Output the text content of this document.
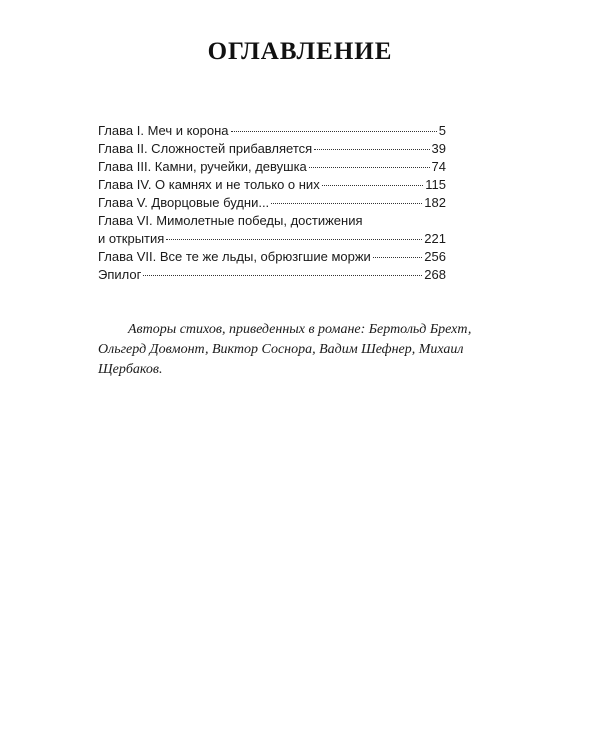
ОГЛАВЛЕНИЕ
Глава I. Меч и корона	5
Глава II. Сложностей прибавляется	39
Глава III. Камни, ручейки, девушка	74
Глава IV. О камнях и не только о них	115
Глава V. Дворцовые будни...	182
Глава VI. Мимолетные победы, достижения
и открытия	221
Глава VII. Все те же льды, обрюзгшие моржи	256
Эпилог	268

Авторы стихов, приведенных в романе: Бертольд Брехт, Ольгерд Довмонт, Виктор Соснора, Вадим Шефнер, Михаил Щербаков.
